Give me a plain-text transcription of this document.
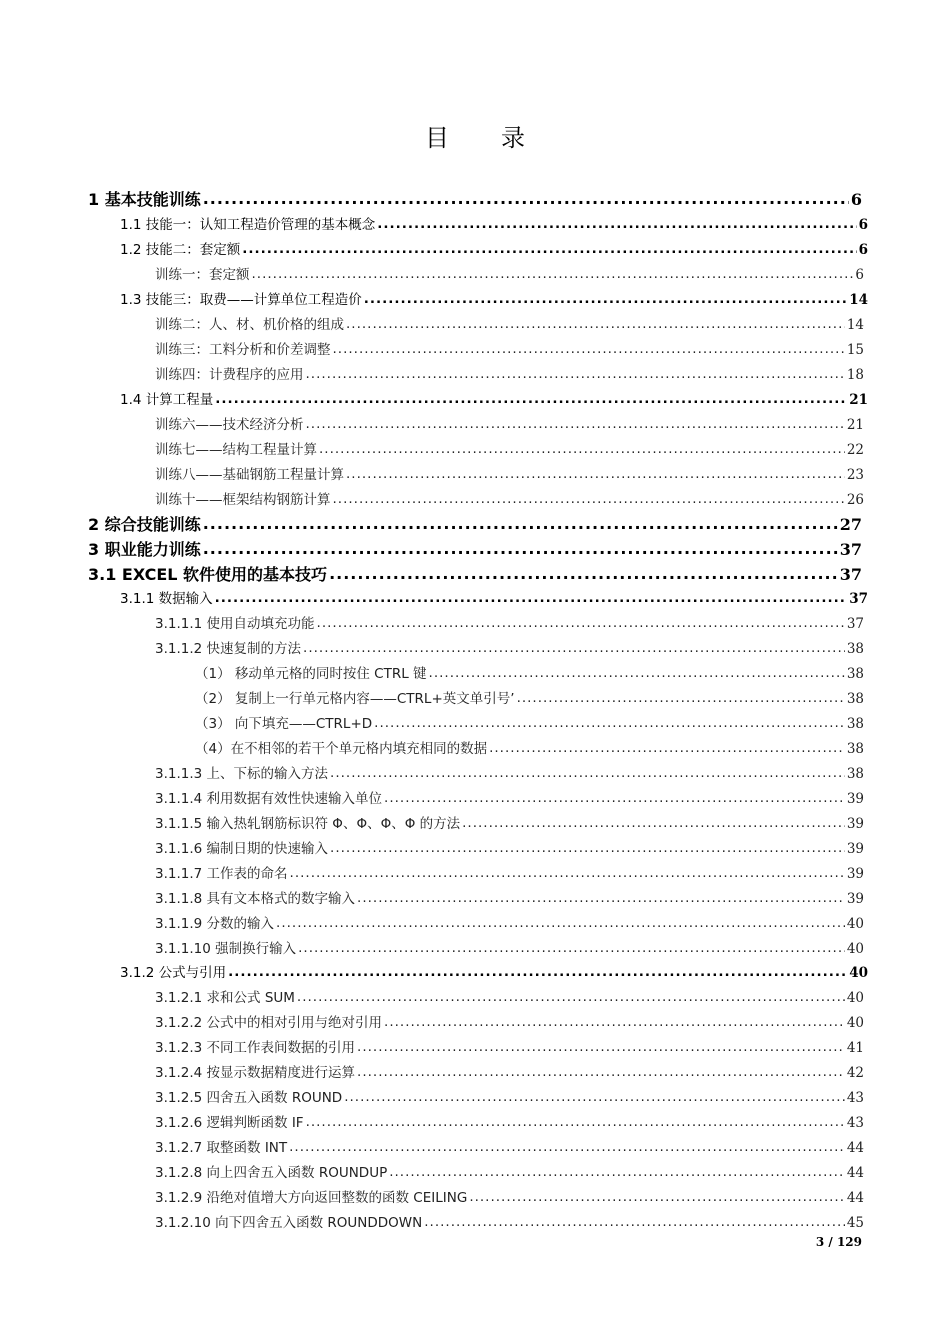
目 录
1 基本技能训练 .....	6
1.1 技能一：认知工程造价管理的基本概念 .....	6
1.2 技能二：套定额 .....	6
训练一：套定额 .....	6
1.3 技能三：取费——计算单位工程造价 .....	14
训练二：人、材、机价格的组成 .....	14
训练三：工料分析和价差调整 .....	15
训练四：计费程序的应用 .....	18
1.4 计算工程量 .....	21
训练六——技术经济分析 .....	21
训练七——结构工程量计算 .....	22
训练八——基础钢筋工程量计算 .....	23
训练十——框架结构钢筋计算 .....	26
2 综合技能训练 .....	27
3 职业能力训练 .....	37
3.1 EXCEL 软件使用的基本技巧 .....	37
3.1.1 数据输入 .....	37
3.1.1.1 使用自动填充功能 .....	37
3.1.1.2 快速复制的方法 .....	38
（1） 移动单元格的同时按住 CTRL 键 .....	38
（2） 复制上一行单元格内容——CTRL+英文单引号’ .....	38
（3） 向下填充——CTRL+D .....	38
（4）在不相邻的若干个单元格内填充相同的数据 .....	38
3.1.1.3 上、下标的输入方法 .....	38
3.1.1.4 利用数据有效性快速输入单位 .....	39
3.1.1.5 输入热轧钢筋标识符 Φ、Φ、Φ、Φ 的方法 .....	39
3.1.1.6 编制日期的快速输入 .....	39
3.1.1.7 工作表的命名 .....	39
3.1.1.8 具有文本格式的数字输入 .....	39
3.1.1.9 分数的输入 .....	40
3.1.1.10 强制换行输入 .....	40
3.1.2 公式与引用 .....	40
3.1.2.1 求和公式 SUM .....	40
3.1.2.2 公式中的相对引用与绝对引用 .....	40
3.1.2.3 不同工作表间数据的引用 .....	41
3.1.2.4 按显示数据精度进行运算 .....	42
3.1.2.5 四舍五入函数 ROUND .....	43
3.1.2.6 逻辑判断函数 IF .....	43
3.1.2.7 取整函数 INT .....	44
3.1.2.8 向上四舍五入函数 ROUNDUP .....	44
3.1.2.9 沿绝对值增大方向返回整数的函数 CEILING .....	44
3.1.2.10 向下四舍五入函数 ROUNDDOWN .....	45
3 / 129
